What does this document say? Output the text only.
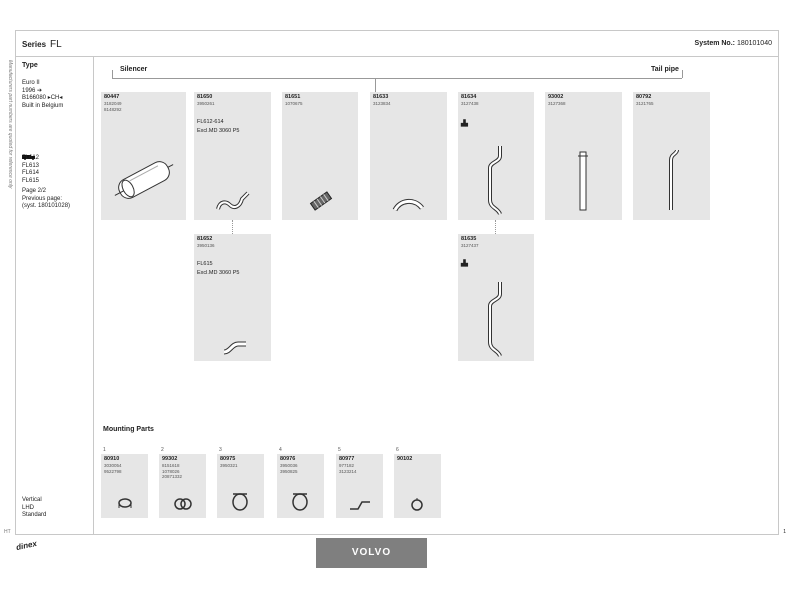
Series FL	System No.: 180101040
Manufacturers part numbers are quoted for reference only Type
Euro II
1996 ➔
B166080 ▸CH◂
Built in Belgium
FL612
FL613
FL614
FL615
Page 2/2
Previous page:
(syst. 180101028)
Vertical
LHD
Standard
Silencer	Tail pipe
80447
3182049
8148292
81650
3950261
FL612-614
Excl.MD 3060 P5
81651
1070675
81633
3123834
81634
3127438
▟▖
93002
3127368
80792
3121765
81652
3950136
FL615
Excl.MD 3060 P5
81635
3127437
▟▖
Mounting Parts
1
80910
3030054
9522798
2
99302
8151618
1078026
20871332
3
80975
3950321
4
80976
3950036
3950825
5
80977
977182
3123214
6
90102
HT	1
dinex
VOLVO
